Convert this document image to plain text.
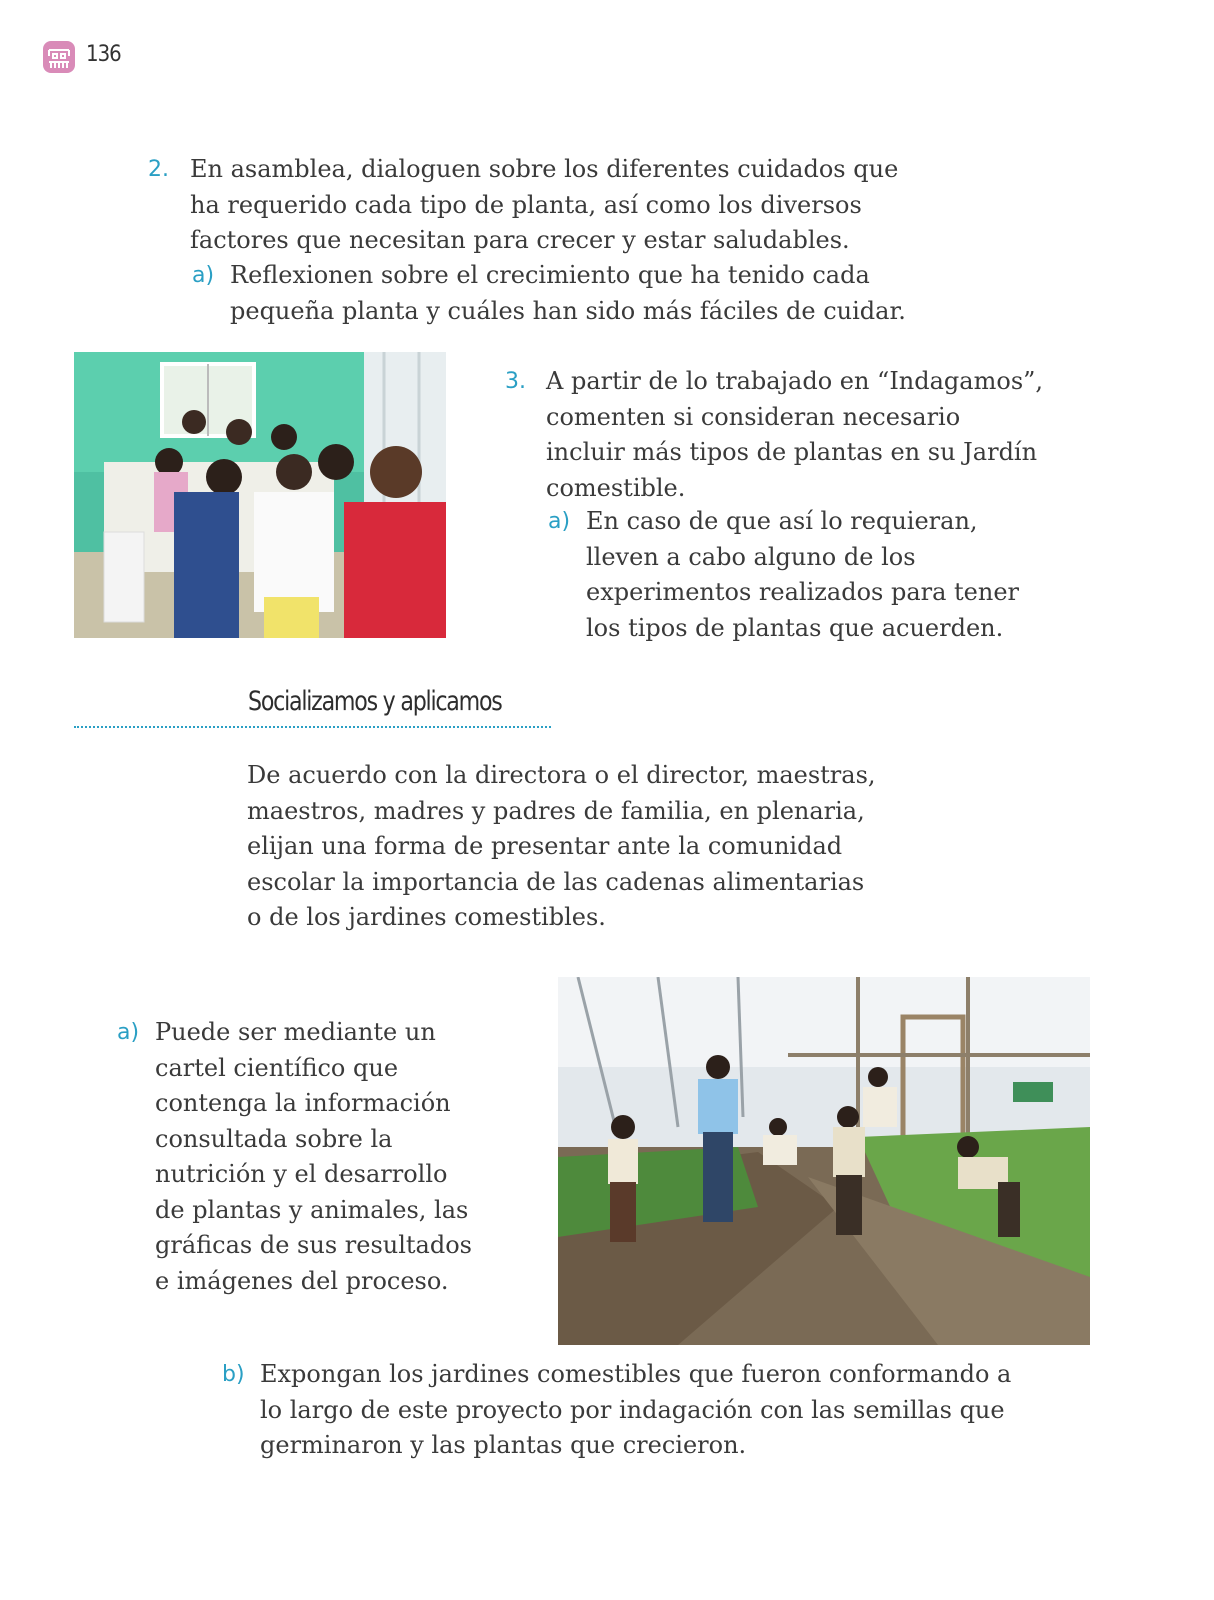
136
2. En asamblea, dialoguen sobre los diferentes cuidados que
ha requerido cada tipo de planta, así como los diversos
factores que necesitan para crecer y estar saludables.
a) Reflexionen sobre el crecimiento que ha tenido cada
pequeña planta y cuáles han sido más fáciles de cuidar.
3. A partir de lo trabajado en “Indagamos”,
comenten si consideran necesario
incluir más tipos de plantas en su Jardín
comestible.
a) En caso de que así lo requieran,
lleven a cabo alguno de los
experimentos realizados para tener
los tipos de plantas que acuerden.
Socializamos y aplicamos
De acuerdo con la directora o el director, maestras,
maestros, madres y padres de familia, en plenaria,
elijan una forma de presentar ante la comunidad
escolar la importancia de las cadenas alimentarias
o de los jardines comestibles.
a) Puede ser mediante un
cartel científico que
contenga la información
consultada sobre la
nutrición y el desarrollo
de plantas y animales, las
gráficas de sus resultados
e imágenes del proceso.
b) Expongan los jardines comestibles que fueron conformando a
lo largo de este proyecto por indagación con las semillas que
germinaron y las plantas que crecieron.
